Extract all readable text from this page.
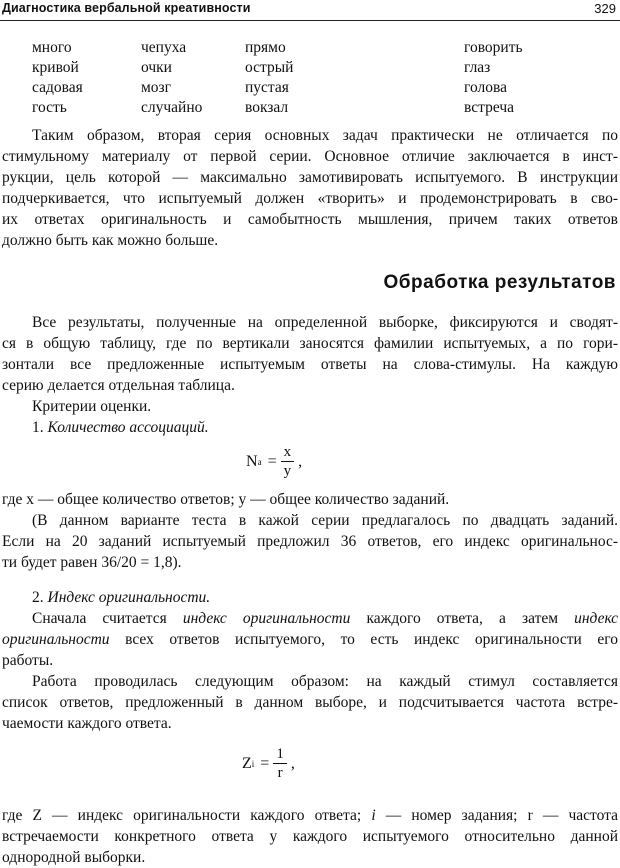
Диагностика вербальной креативности	329
много	чепуха	прямо	говорить
кривой	очки	острый	глаз
садовая	мозг	пустая	голова
гость	случайно	вокзал	встреча
Таким образом, вторая серия основных задач практически не отличается по
стимульному материалу от первой серии. Основное отличие заключается в инст-
рукции, цель которой — максимально замотивировать испытуемого. В инструкции
подчеркивается, что испытуемый должен «творить» и продемонстрировать в сво-
их ответах оригинальность и самобытность мышления, причем таких ответов
должно быть как можно больше.
Обработка результатов
Все результаты, полученные на определенной выборке, фиксируются и сводят-
ся в общую таблицу, где по вертикали заносятся фамилии испытуемых, а по гори-
зонтали все предложенные испытуемым ответы на слова-стимулы. На каждую
серию делается отдельная таблица.
Критерии оценки.
1. Количество ассоциаций.
N $a = \frac{x}{y}$ ,
где x — общее количество ответов; y — общее количество заданий.
(В данном варианте теста в кажой серии предлагалось по двадцать заданий.
Если на 20 заданий испытуемый предложил 36 ответов, его индекс оригинальнос-
ти будет равен 36/20 = 1,8).
2. Индекс оригинальности.
Сначала считается индекс оригинальности каждого ответа, а затем индекс
оригинальности всех ответов испытуемого, то есть индекс оригинальности его
работы.
Работа проводилась следующим образом: на каждый стимул составляется
список ответов, предложенный в данном выборе, и подсчитывается частота встре-
чаемости каждого ответа.
Z $i = \frac{1}{r}$ ,
где Z — индекс оригинальности каждого ответа; i — номер задания; r — частота
встречаемости конкретного ответа у каждого испытуемого относительно данной
однородной выборки.
